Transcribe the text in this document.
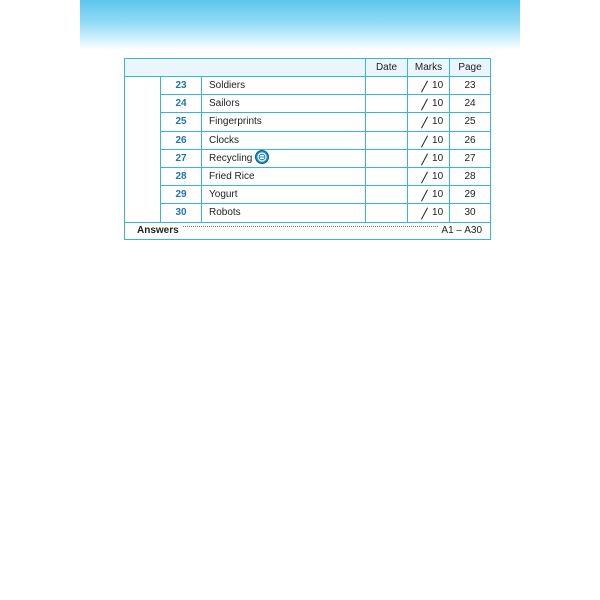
			Date	Marks	Page
	23	Soldiers		10	23
	24	Sailors		10	24
	25	Fingerprints		10	25
	26	Clocks		10	26
	27	Recycling		10	27
	28	Fried Rice		10	28
	29	Yogurt		10	29
	30	Robots		10	30
Answers A1 – A30					
